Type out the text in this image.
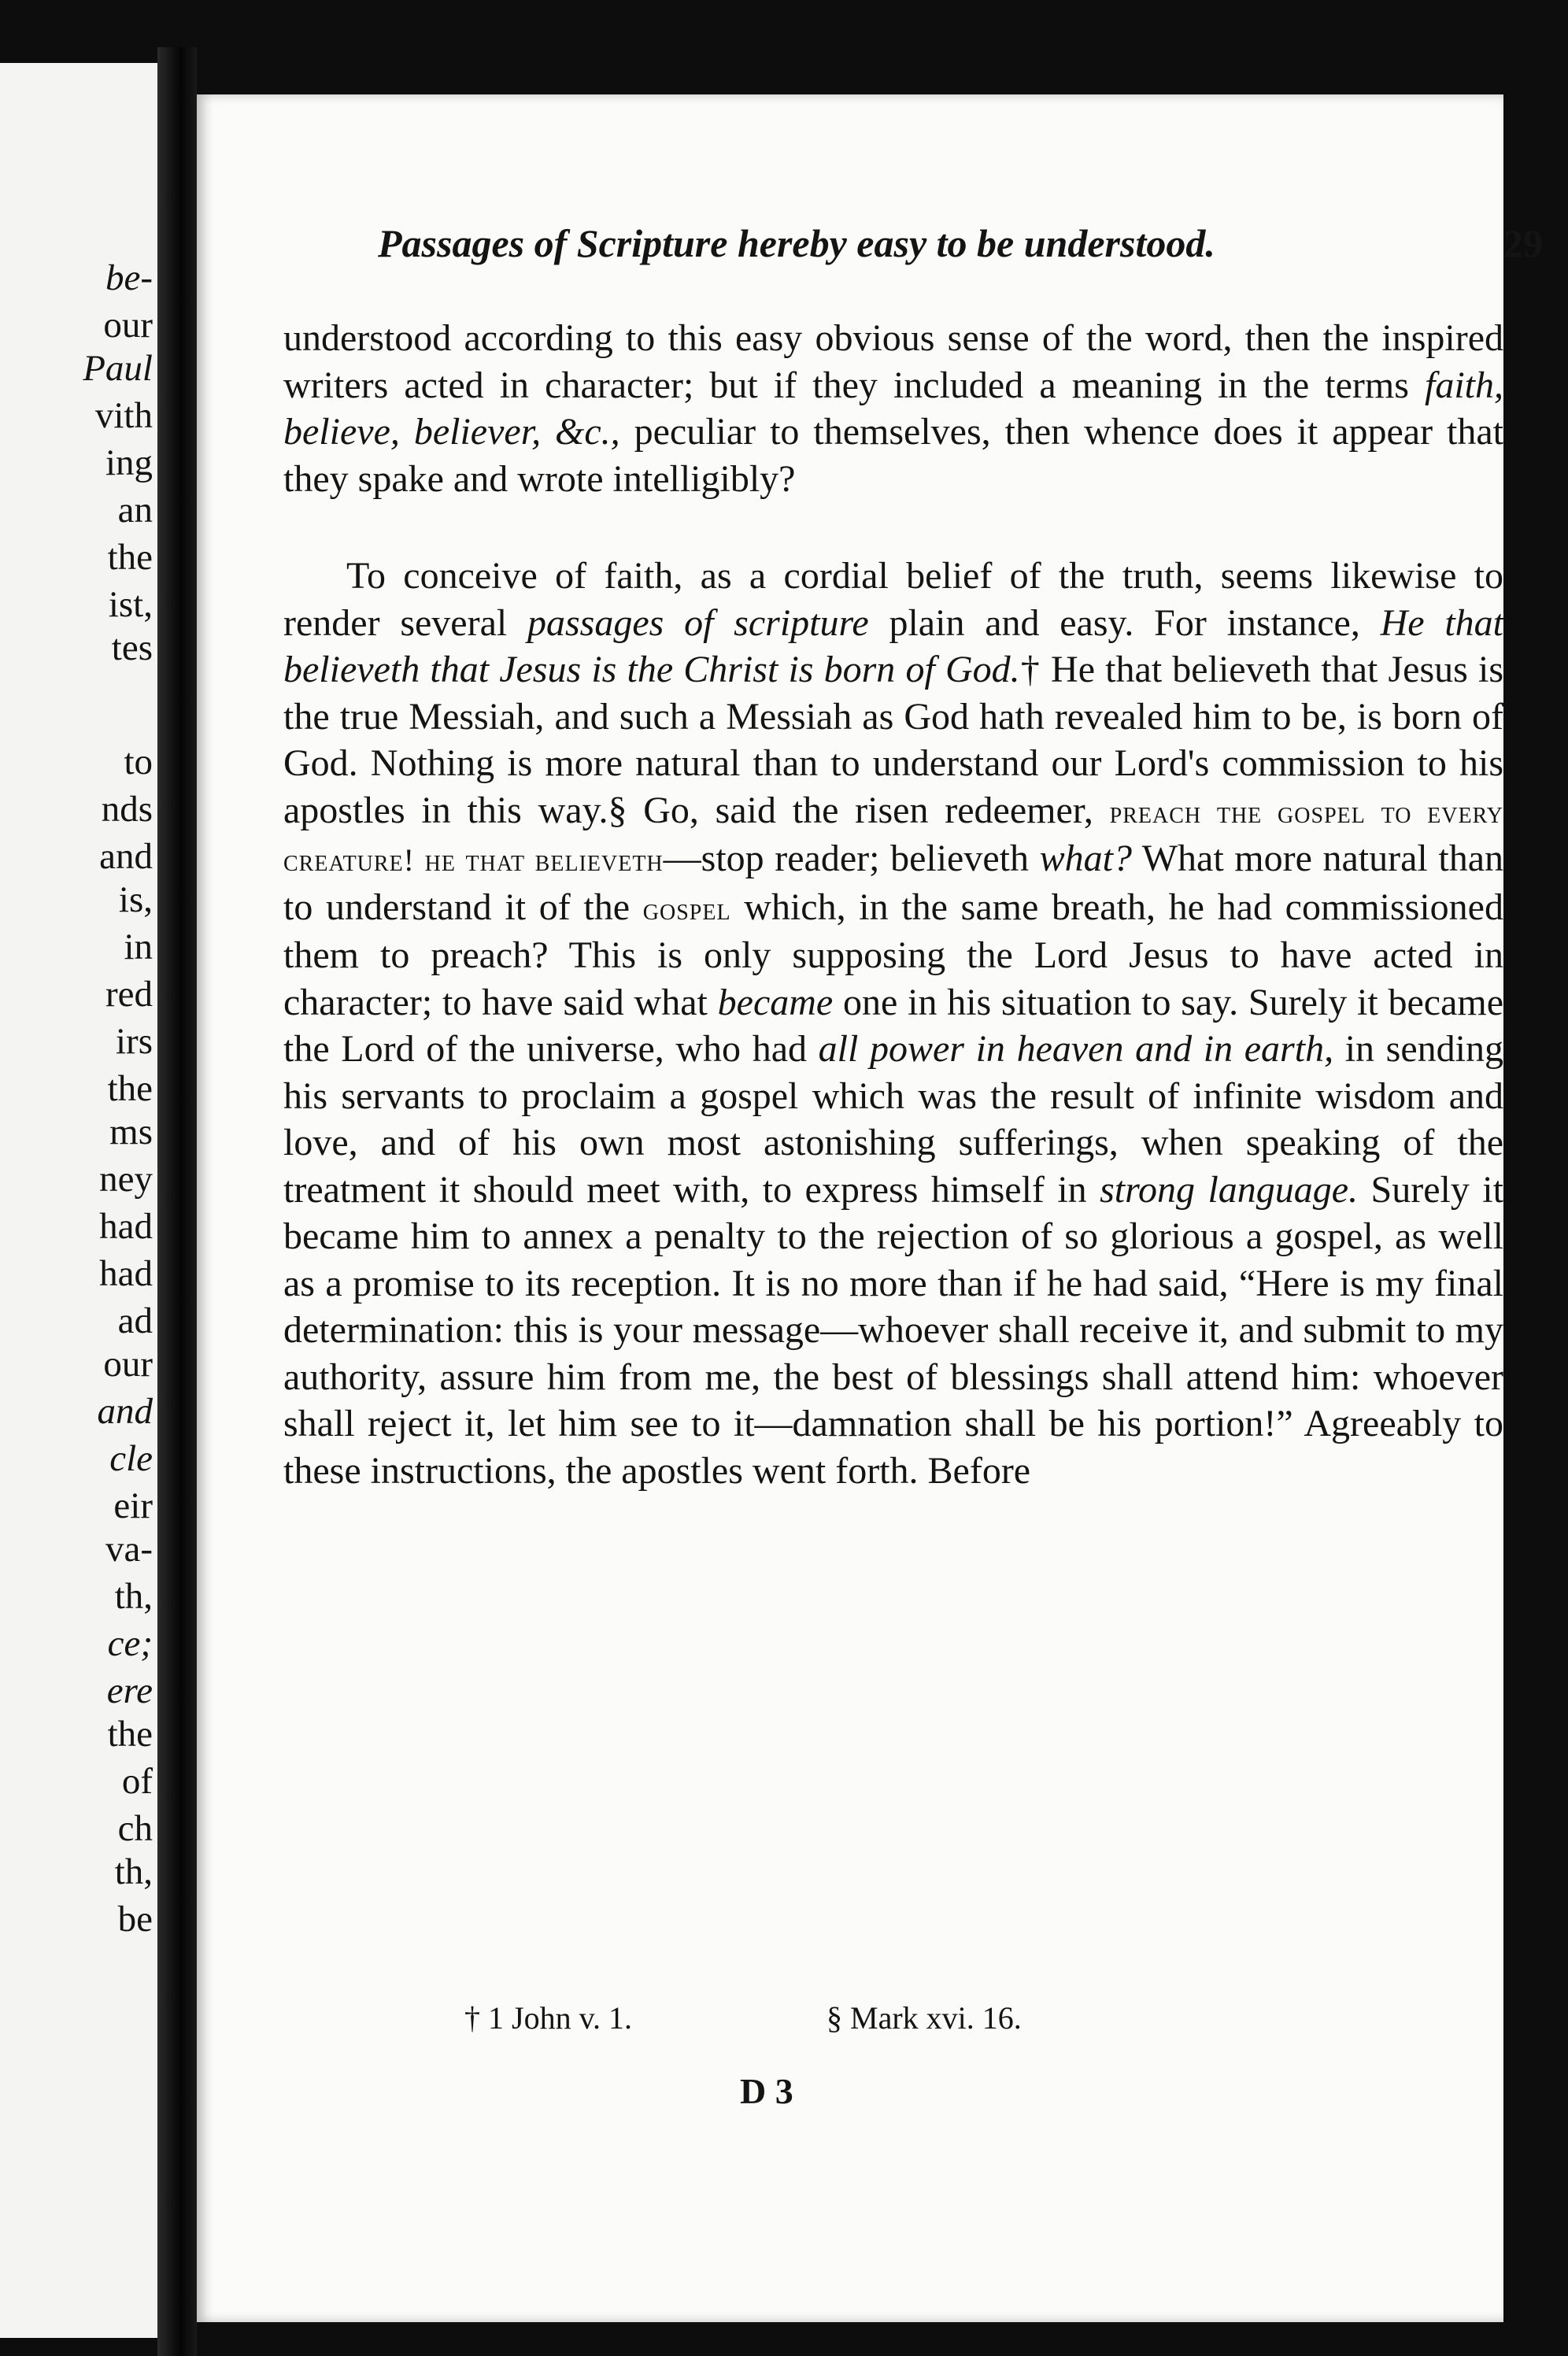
be-
our
Paul
vith
ing
an
the
ist,
tes
to
nds
and
is,
in
red
irs
the
ms
ney
had
had
ad
our
and
cle
eir
va-
th,
ce;
ere
the
of
ch
th,
be
Passages of Scripture hereby easy to be understood.	29

understood according to this easy obvious sense of the word, then the inspired writers acted in character; but if they included a meaning in the terms faith, believe, believer, &c., peculiar to themselves, then whence does it appear that they spake and wrote intelligibly?

To conceive of faith, as a cordial belief of the truth, seems likewise to render several passages of scripture plain and easy. For instance, He that believeth that Jesus is the Christ is born of God.† He that believeth that Jesus is the true Messiah, and such a Messiah as God hath revealed him to be, is born of God. Nothing is more natural than to understand our Lord's commission to his apostles in this way.§ Go, said the risen redeemer, preach the gospel to every creature! he that believeth—stop reader; believeth what? What more natural than to understand it of the gospel which, in the same breath, he had commissioned them to preach? This is only supposing the Lord Jesus to have acted in character; to have said what became one in his situation to say. Surely it became the Lord of the universe, who had all power in heaven and in earth, in sending his servants to proclaim a gospel which was the result of infinite wisdom and love, and of his own most astonishing sufferings, when speaking of the treatment it should meet with, to express himself in strong language. Surely it became him to annex a penalty to the rejection of so glorious a gospel, as well as a promise to its reception. It is no more than if he had said, “Here is my final determination: this is your message—whoever shall receive it, and submit to my authority, assure him from me, the best of blessings shall attend him: whoever shall reject it, let him see to it—damnation shall be his portion!” Agreeably to these instructions, the apostles went forth. Before

† 1 John v. 1.	§ Mark xvi. 16.
D 3
